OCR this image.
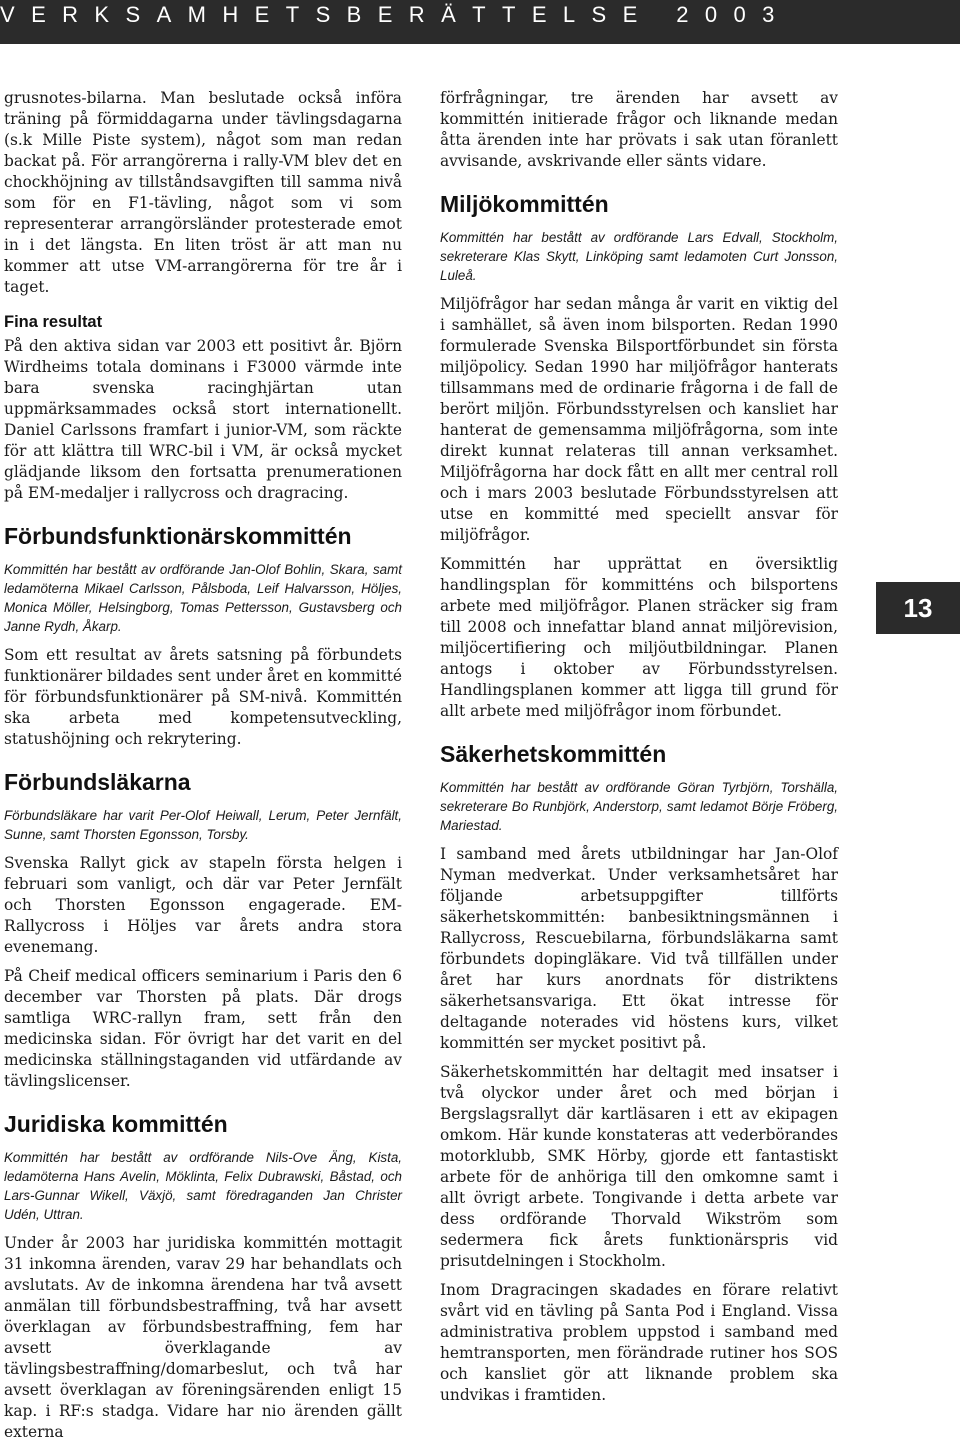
VERKSAMHETSBERÄTTELSE 2003

grusnotes-bilarna. Man beslutade också införa träning på förmiddagarna under tävlingsdagarna (s.k Mille Piste system), något som man redan backat på. För arrangörerna i rally-VM blev det en chockhöjning av tillståndsavgiften till samma nivå som för en F1-tävling, något som vi som representerar arrangörsländer protesterade emot in i det längsta. En liten tröst är att man nu kommer att utse VM-arrangörerna för tre år i taget.

Fina resultat

På den aktiva sidan var 2003 ett positivt år. Björn Wirdheims totala dominans i F3000 värmde inte bara svenska racinghjärtan utan uppmärksammades också stort internationellt. Daniel Carlssons framfart i junior-VM, som räckte för att klättra till WRC-bil i VM, är också mycket glädjande liksom den fortsatta prenumerationen på EM-medaljer i rallycross och dragracing.

Förbundsfunktionärskommittén

Kommittén har bestått av ordförande Jan-Olof Bohlin, Skara, samt ledamöterna Mikael Carlsson, Pålsboda, Leif Halvarsson, Höljes, Monica Möller, Helsingborg, Tomas Pettersson, Gustavsberg och Janne Rydh, Åkarp.

Som ett resultat av årets satsning på förbundets funktionärer bildades sent under året en kommitté för förbundsfunktionärer på SM-nivå. Kommittén ska arbeta med kompetensutveckling, statushöjning och rekrytering.

Förbundsläkarna

Förbundsläkare har varit Per-Olof Heiwall, Lerum, Peter Jernfält, Sunne, samt Thorsten Egonsson, Torsby.

Svenska Rallyt gick av stapeln första helgen i februari som vanligt, och där var Peter Jernfält och Thorsten Egonsson engagerade. EM-Rallycross i Höljes var årets andra stora evenemang.

På Cheif medical officers seminarium i Paris den 6 december var Thorsten på plats. Där drogs samtliga WRC-rallyn fram, sett från den medicinska sidan. För övrigt har det varit en del medicinska ställningstaganden vid utfärdande av tävlingslicenser.

Juridiska kommittén

Kommittén har bestått av ordförande Nils-Ove Äng, Kista, ledamöterna Hans Avelin, Möklinta, Felix Dubrawski, Båstad, och Lars-Gunnar Wikell, Växjö, samt föredraganden Jan Christer Udén, Uttran.

Under år 2003 har juridiska kommittén mottagit 31 inkomna ärenden, varav 29 har behandlats och avslutats. Av de inkomna ärendena har två avsett anmälan till förbundsbestraffning, två har avsett överklagan av förbundsbestraffning, fem har avsett överklagande av tävlingsbestraffning/domarbeslut, och två har avsett överklagan av föreningsärenden enligt 15 kap. i RF:s stadga. Vidare har nio ärenden gällt externa

förfrågningar, tre ärenden har avsett av kommittén initierade frågor och liknande medan åtta ärenden inte har prövats i sak utan föranlett avvisande, avskrivande eller sänts vidare.

Miljökommittén

Kommittén har bestått av ordförande Lars Edvall, Stockholm, sekreterare Klas Skytt, Linköping samt ledamoten Curt Jonsson, Luleå.

Miljöfrågor har sedan många år varit en viktig del i samhället, så även inom bilsporten. Redan 1990 formulerade Svenska Bilsportförbundet sin första miljöpolicy. Sedan 1990 har miljöfrågor hanterats tillsammans med de ordinarie frågorna i de fall de berört miljön. Förbundsstyrelsen och kansliet har hanterat de gemensamma miljöfrågorna, som inte direkt kunnat relateras till annan verksamhet. Miljöfrågorna har dock fått en allt mer central roll och i mars 2003 beslutade Förbundsstyrelsen att utse en kommitté med speciellt ansvar för miljöfrågor.

Kommittén har upprättat en översiktlig handlingsplan för kommitténs och bilsportens arbete med miljöfrågor. Planen sträcker sig fram till 2008 och innefattar bland annat miljörevision, miljöcertifiering och miljöutbildningar. Planen antogs i oktober av Förbundsstyrelsen. Handlingsplanen kommer att ligga till grund för allt arbete med miljöfrågor inom förbundet.

Säkerhetskommittén

Kommittén har bestått av ordförande Göran Tyrbjörn, Torshälla, sekreterare Bo Runbjörk, Anderstorp, samt ledamot Börje Fröberg, Mariestad.

I samband med årets utbildningar har Jan-Olof Nyman medverkat. Under verksamhetsåret har följande arbetsuppgifter tillförts säkerhetskommittén: banbesiktningsmännen i Rallycross, Rescuebilarna, förbundsläkarna samt förbundets dopingläkare. Vid två tillfällen under året har kurs anordnats för distriktens säkerhetsansvariga. Ett ökat intresse för deltagande noterades vid höstens kurs, vilket kommittén ser mycket positivt på.

Säkerhetskommittén har deltagit med insatser i två olyckor under året och med början i Bergslagsrallyt där kartläsaren i ett av ekipagen omkom. Här kunde konstateras att vederbörandes motorklubb, SMK Hörby, gjorde ett fantastiskt arbete för de anhöriga till den omkomne samt i allt övrigt arbete. Tongivande i detta arbete var dess ordförande Thorvald Wikström som sedermera fick årets funktionärspris vid prisutdelningen i Stockholm.

Inom Dragracingen skadades en förare relativt svårt vid en tävling på Santa Pod i England. Vissa administrativa problem uppstod i samband med hemtransporten, men förändrade rutiner hos SOS och kansliet gör att liknande problem ska undvikas i framtiden.

13
